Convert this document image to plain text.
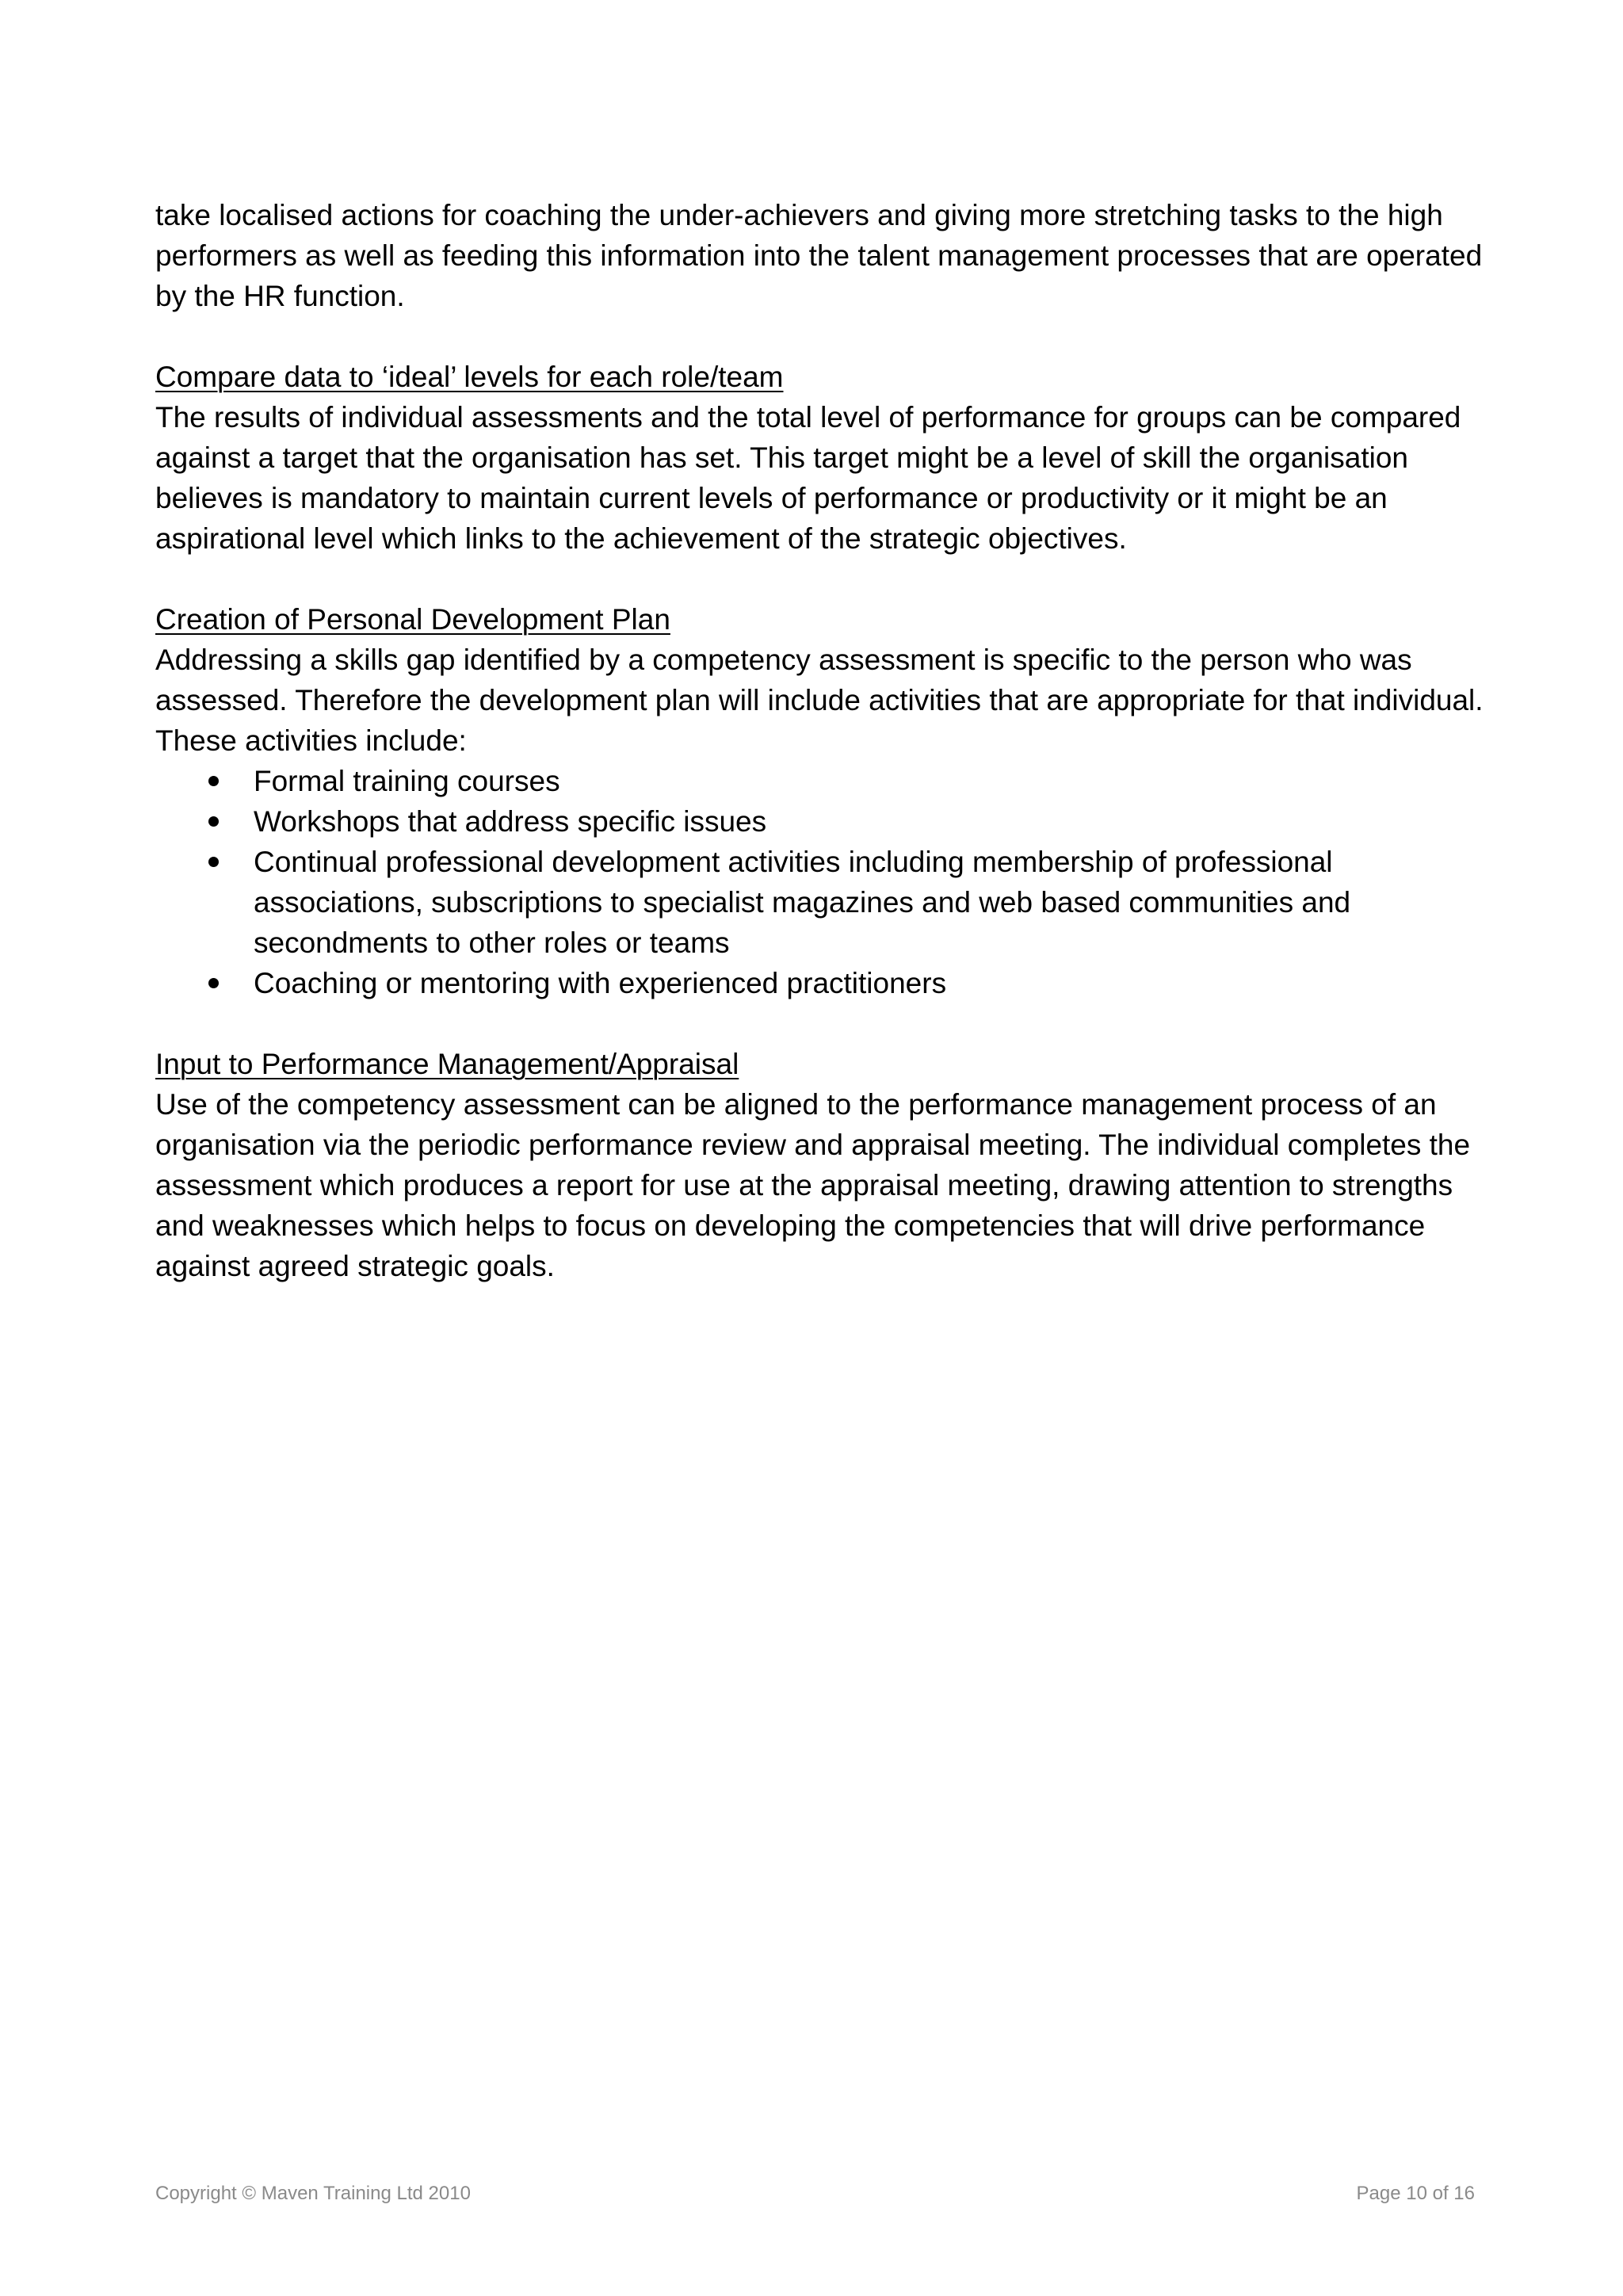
take localised actions for coaching the under-achievers and giving more stretching tasks to the high performers as well as feeding this information into the talent management processes that are operated by the HR function.

Compare data to ‘ideal’ levels for each role/team

The results of individual assessments and the total level of performance for groups can be compared against a target that the organisation has set. This target might be a level of skill the organisation believes is mandatory to maintain current levels of performance or productivity or it might be an aspirational level which links to the achievement of the strategic objectives.

Creation of Personal Development Plan

Addressing a skills gap identified by a competency assessment is specific to the person who was assessed. Therefore the development plan will include activities that are appropriate for that individual. These activities include:

Formal training courses
Workshops that address specific issues
Continual professional development activities including membership of professional associations, subscriptions to specialist magazines and web based communities and secondments to other roles or teams
Coaching or mentoring with experienced practitioners

Input to Performance Management/Appraisal

Use of the competency assessment can be aligned to the performance management process of an organisation via the periodic performance review and appraisal meeting. The individual completes the assessment which produces a report for use at the appraisal meeting, drawing attention to strengths and weaknesses which helps to focus on developing the competencies that will drive performance against agreed strategic goals.

Copyright © Maven Training Ltd 2010	Page 10 of 16
